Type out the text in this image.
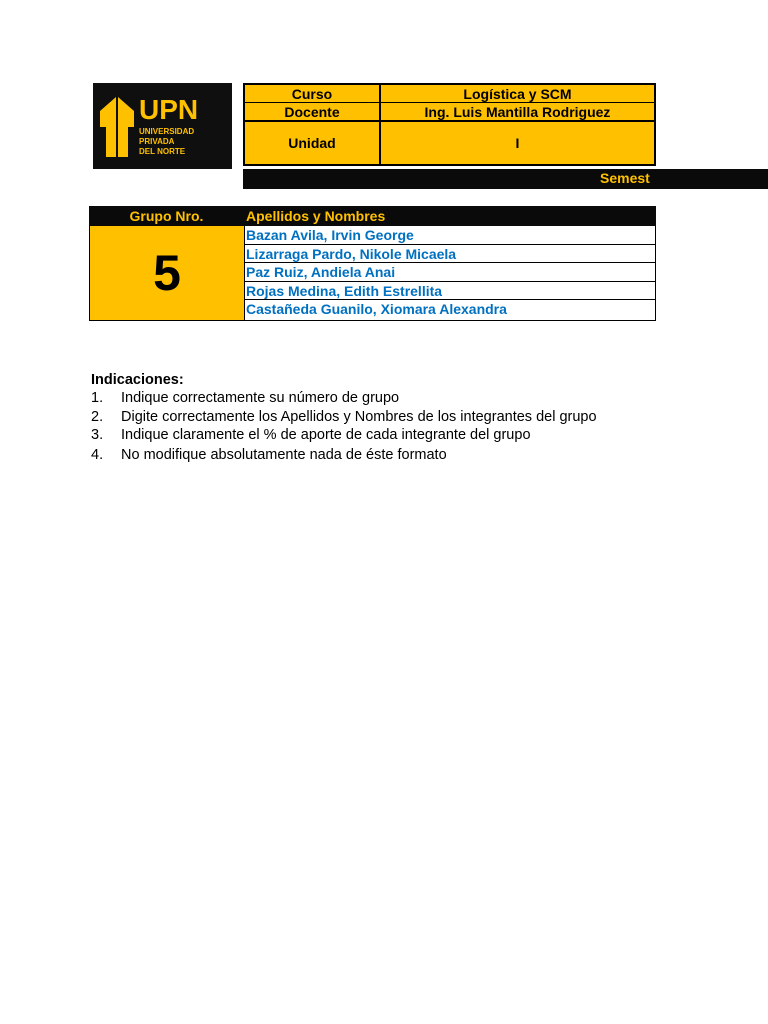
UPN
UNIVERSIDAD
PRIVADA
DEL NORTE
Curso	Logística y SCM
Docente	Ing. Luis Mantilla Rodriguez
Unidad	I
Semest
Grupo Nro.	Apellidos y Nombres
5
Bazan Avila, Irvin George
Lizarraga Pardo, Nikole Micaela
Paz Ruiz, Andiela Anai
Rojas Medina, Edith Estrellita
Castañeda Guanilo, Xiomara Alexandra
Indicaciones:
1.	Indique correctamente su número de grupo
2.	Digite correctamente los Apellidos y Nombres de los integrantes del grupo
3.	Indique claramente el % de aporte de cada integrante del grupo
4.	No modifique absolutamente nada de éste formato
